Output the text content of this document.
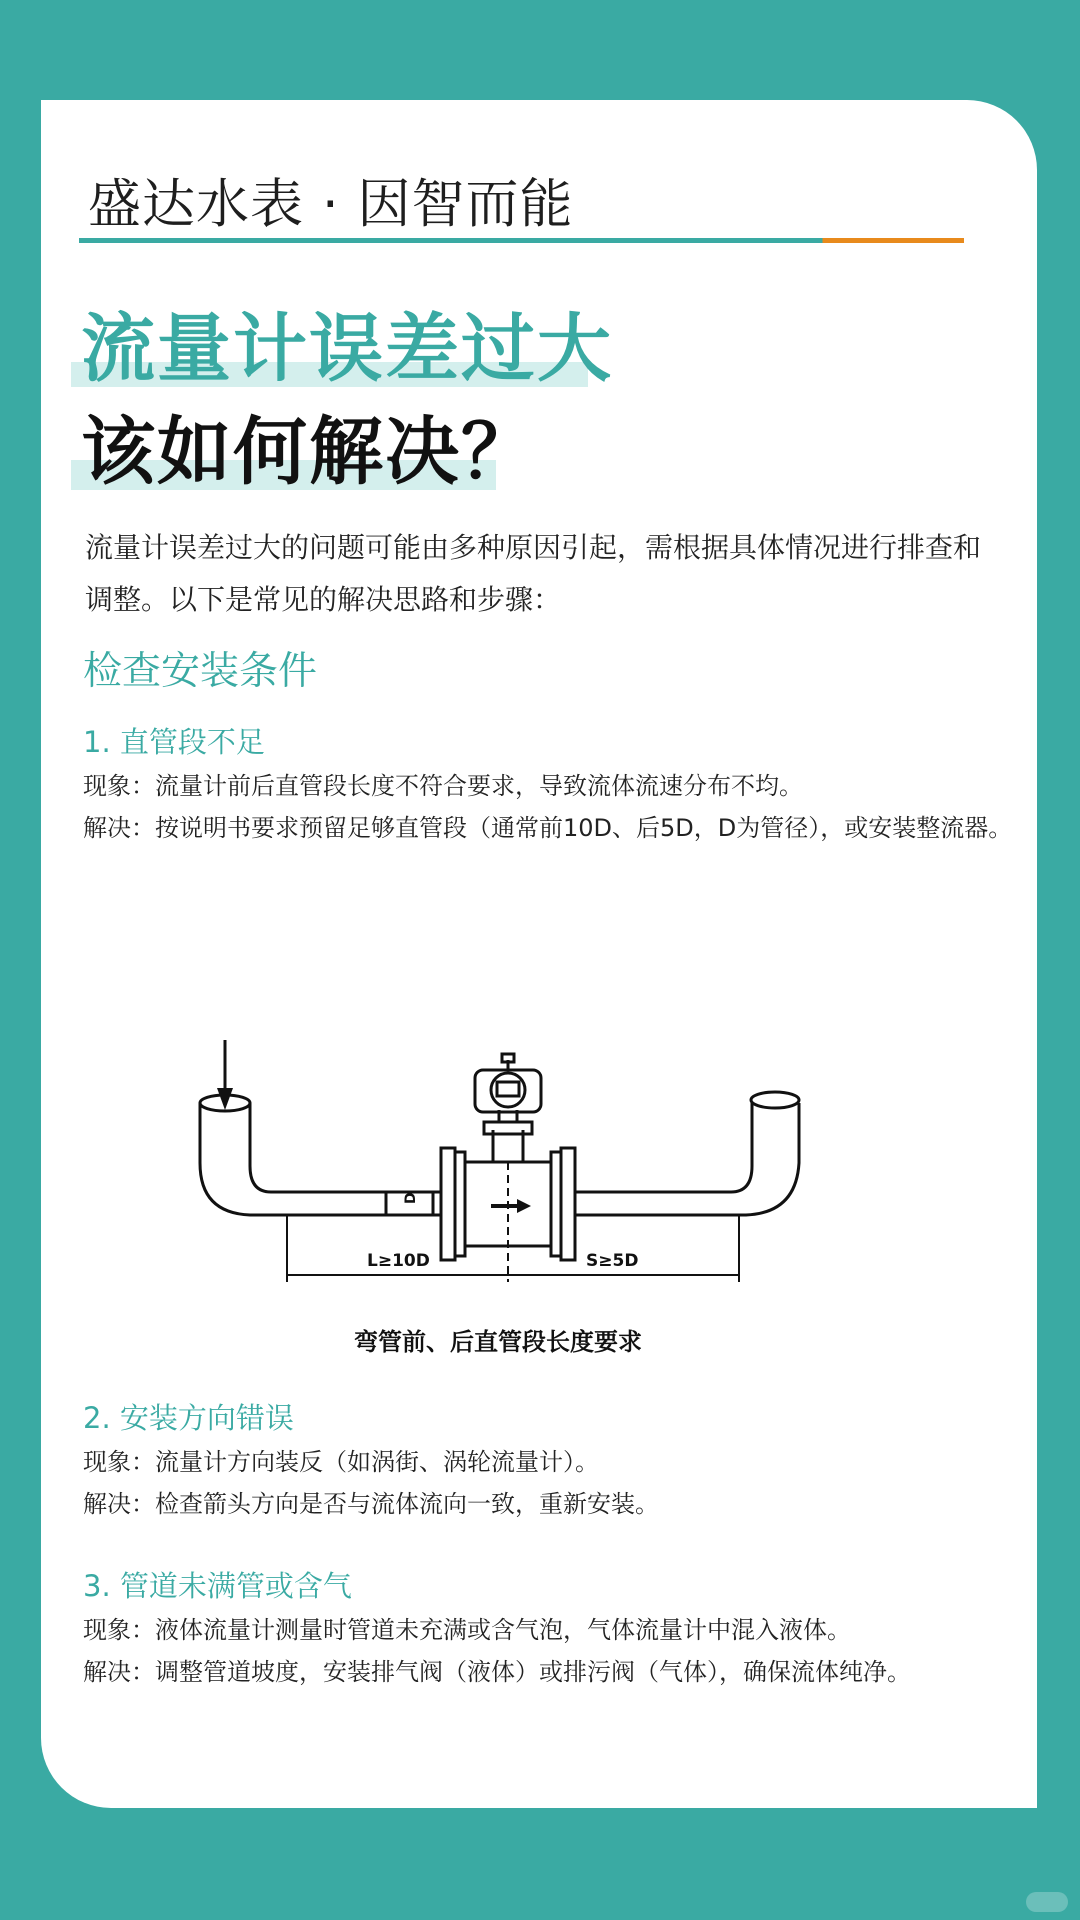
盛达水表 · 因智而能
流量计误差过大
该如何解决？
流量计误差过大的问题可能由多种原因引起，需根据具体情况进行排查和调整。以下是常见的解决思路和步骤：
检查安装条件
1. 直管段不足
现象：流量计前后直管段长度不符合要求，导致流体流速分布不均。
解决：按说明书要求预留足够直管段（通常前10D、后5D，D为管径），或安装整流器。
D
L≥10D	S≥5D
弯管前、后直管段长度要求
2. 安装方向错误
现象：流量计方向装反（如涡街、涡轮流量计）。
解决：检查箭头方向是否与流体流向一致，重新安装。
3. 管道未满管或含气
现象：液体流量计测量时管道未充满或含气泡，气体流量计中混入液体。
解决：调整管道坡度，安装排气阀（液体）或排污阀（气体），确保流体纯净。
